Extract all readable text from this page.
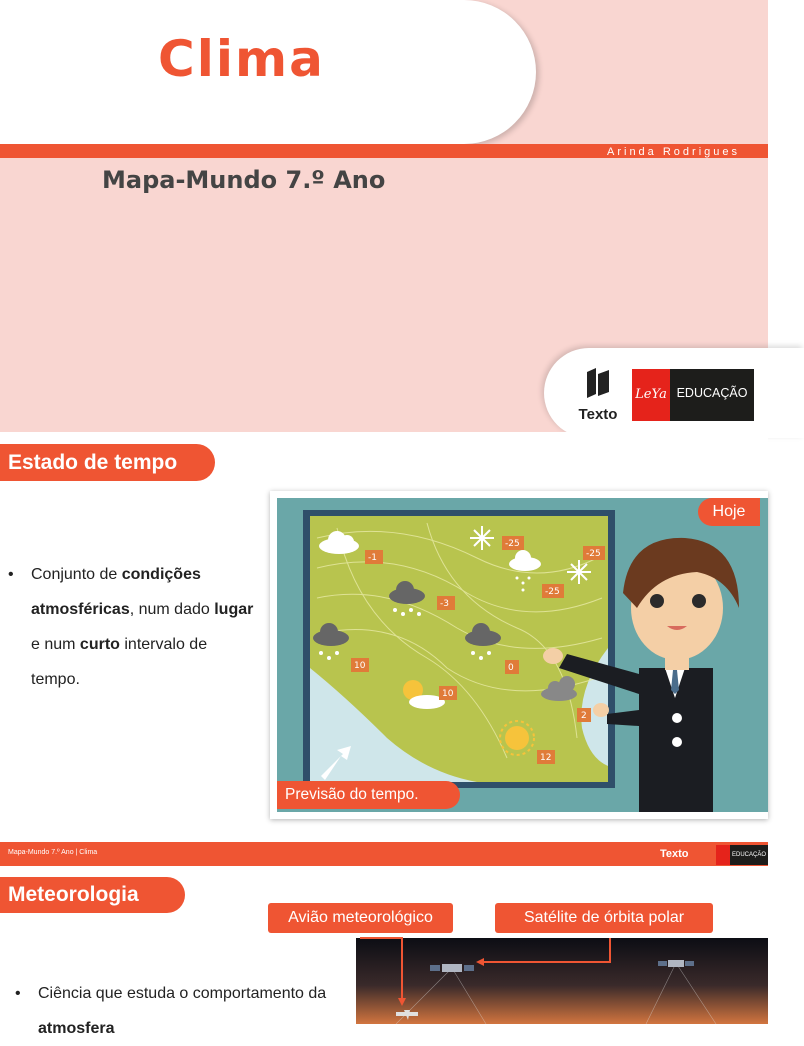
Clima
Arinda Rodrigues
Mapa-Mundo 7.º Ano
Texto
LeYa EDUCAÇÃO
Estado de tempo
• Conjunto de condições atmosféricas, num dado lugar e num curto intervalo de tempo.
-1
-25
-25
-25
-3
10	0
10
2
12
Hoje
Previsão do tempo.
Mapa-Mundo 7.º Ano | Clima	Texto	EDUCAÇÃO
Meteorologia
Avião meteorológico	Satélite de órbita polar
• Ciência que estuda o comportamento da atmosfera
